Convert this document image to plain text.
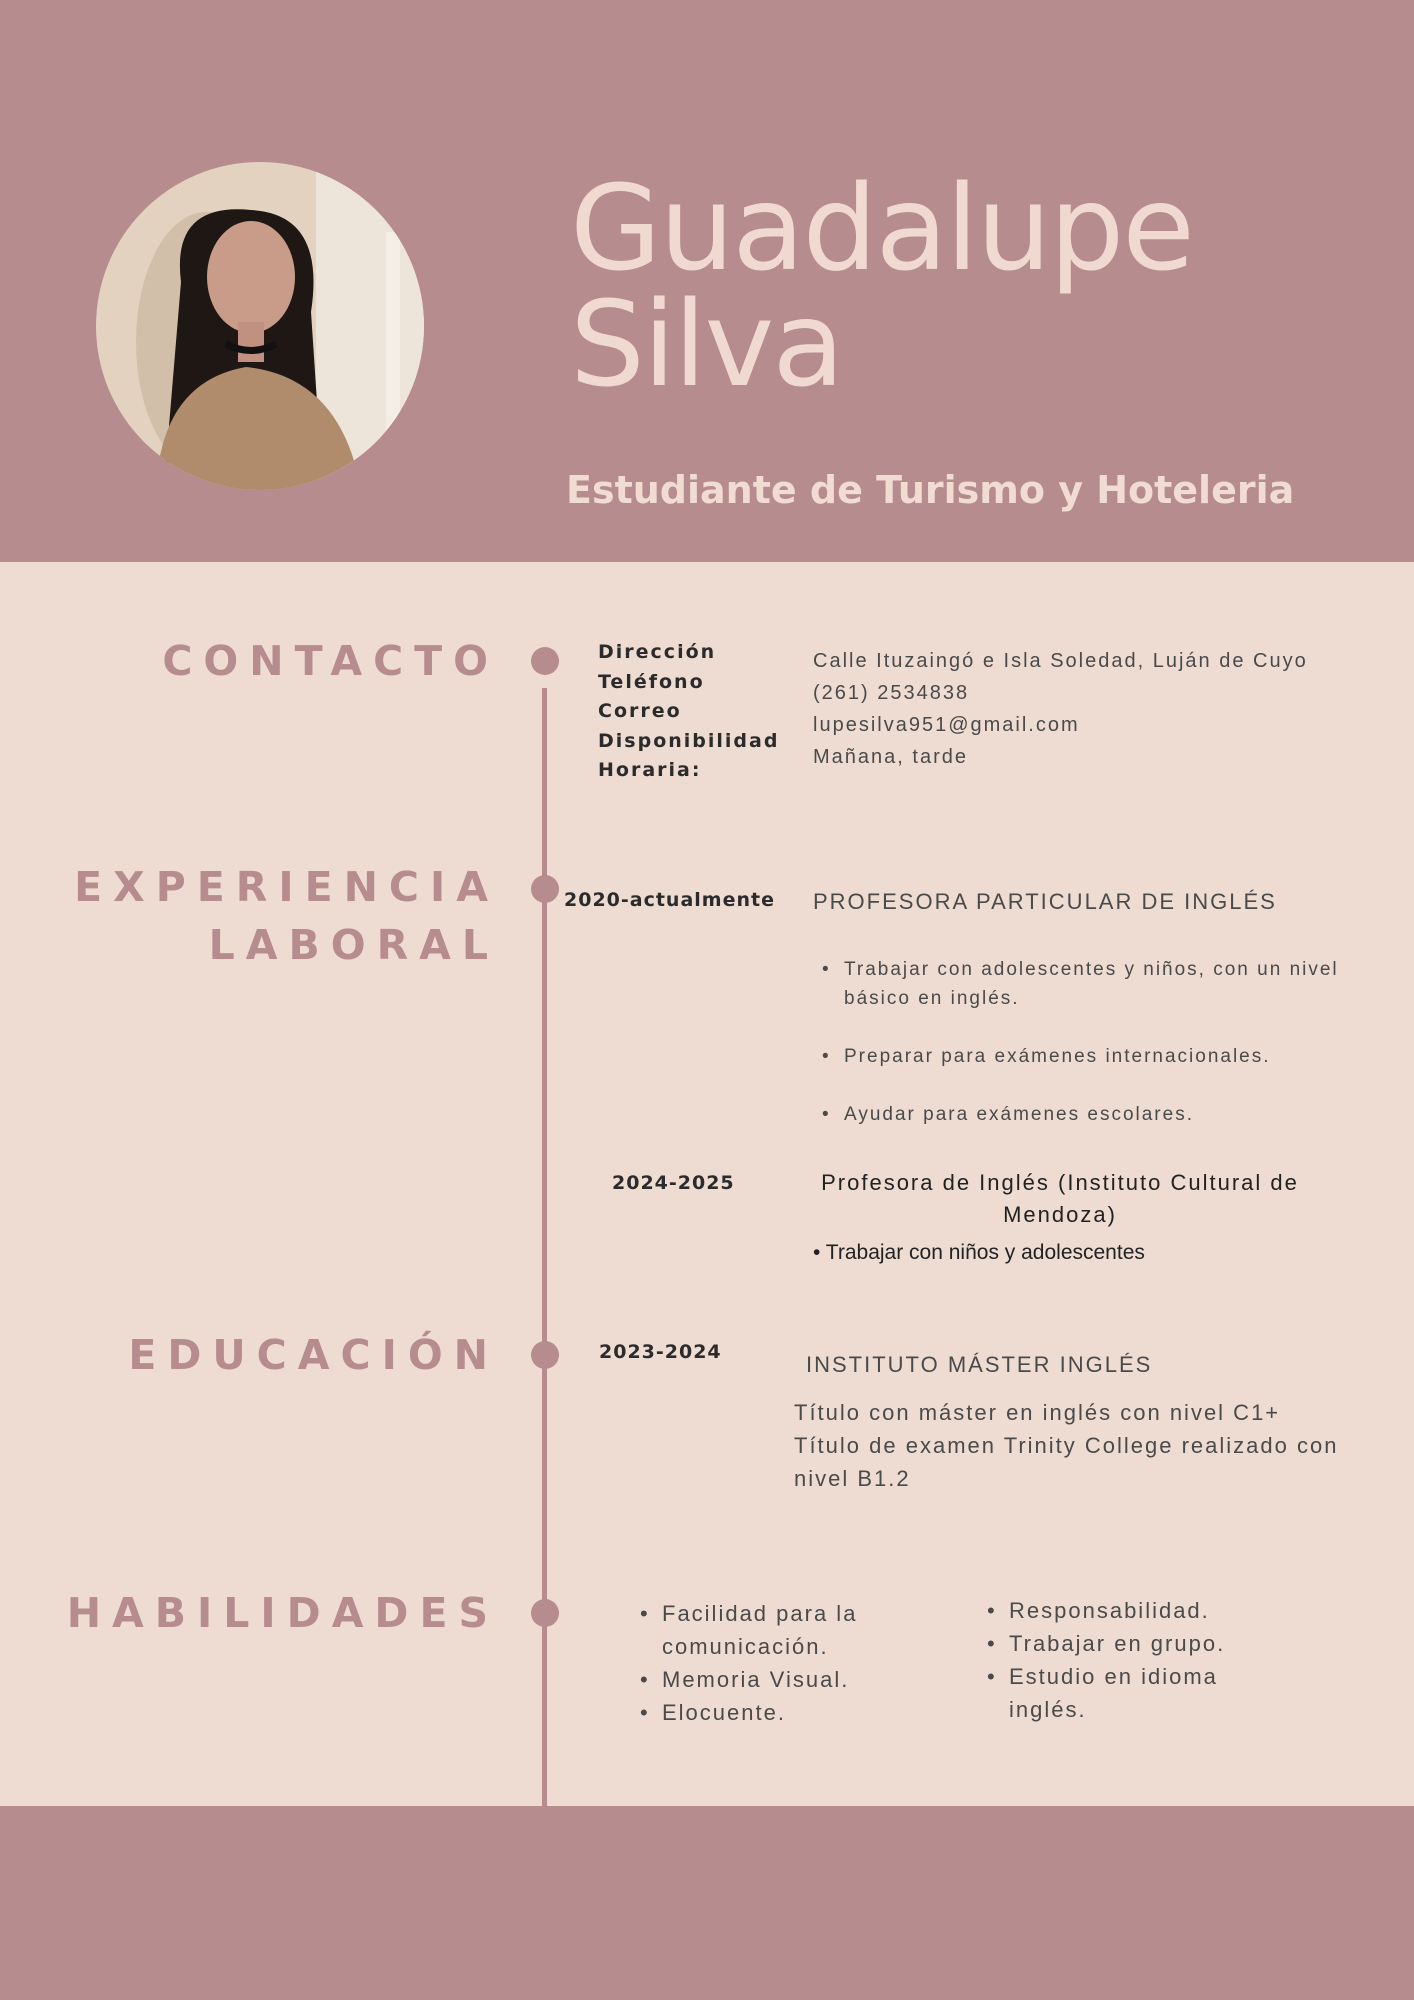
Guadalupe
Silva
Estudiante de Turismo y Hoteleria
CONTACTO	Dirección
Teléfono
Correo
Disponibilidad
Horaria:
Calle Ituzaingó e Isla Soledad, Luján de Cuyo
(261) 2534838
lupesilva951@gmail.com
Mañana, tarde
EXPERIENCIA
LABORAL
2020-actualmente PROFESORA PARTICULAR DE INGLÉS
• Trabajar con adolescentes y niños, con un nivel básico en inglés.
• Preparar para exámenes internacionales.
• Ayudar para exámenes escolares.
2024-2025	Profesora de Inglés (Instituto Cultural de Mendoza)
• Trabajar con niños y adolescentes
EDUCACIÓN	2023-2024	INSTITUTO MÁSTER INGLÉS
Título con máster en inglés con nivel C1+
Título de examen Trinity College realizado con nivel B1.2
HABILIDADES
•	Facilidad para la comunicación.
• Memoria Visual.
• Elocuente.
• Responsabilidad.
• Trabajar en grupo.
• Estudio en idioma inglés.
